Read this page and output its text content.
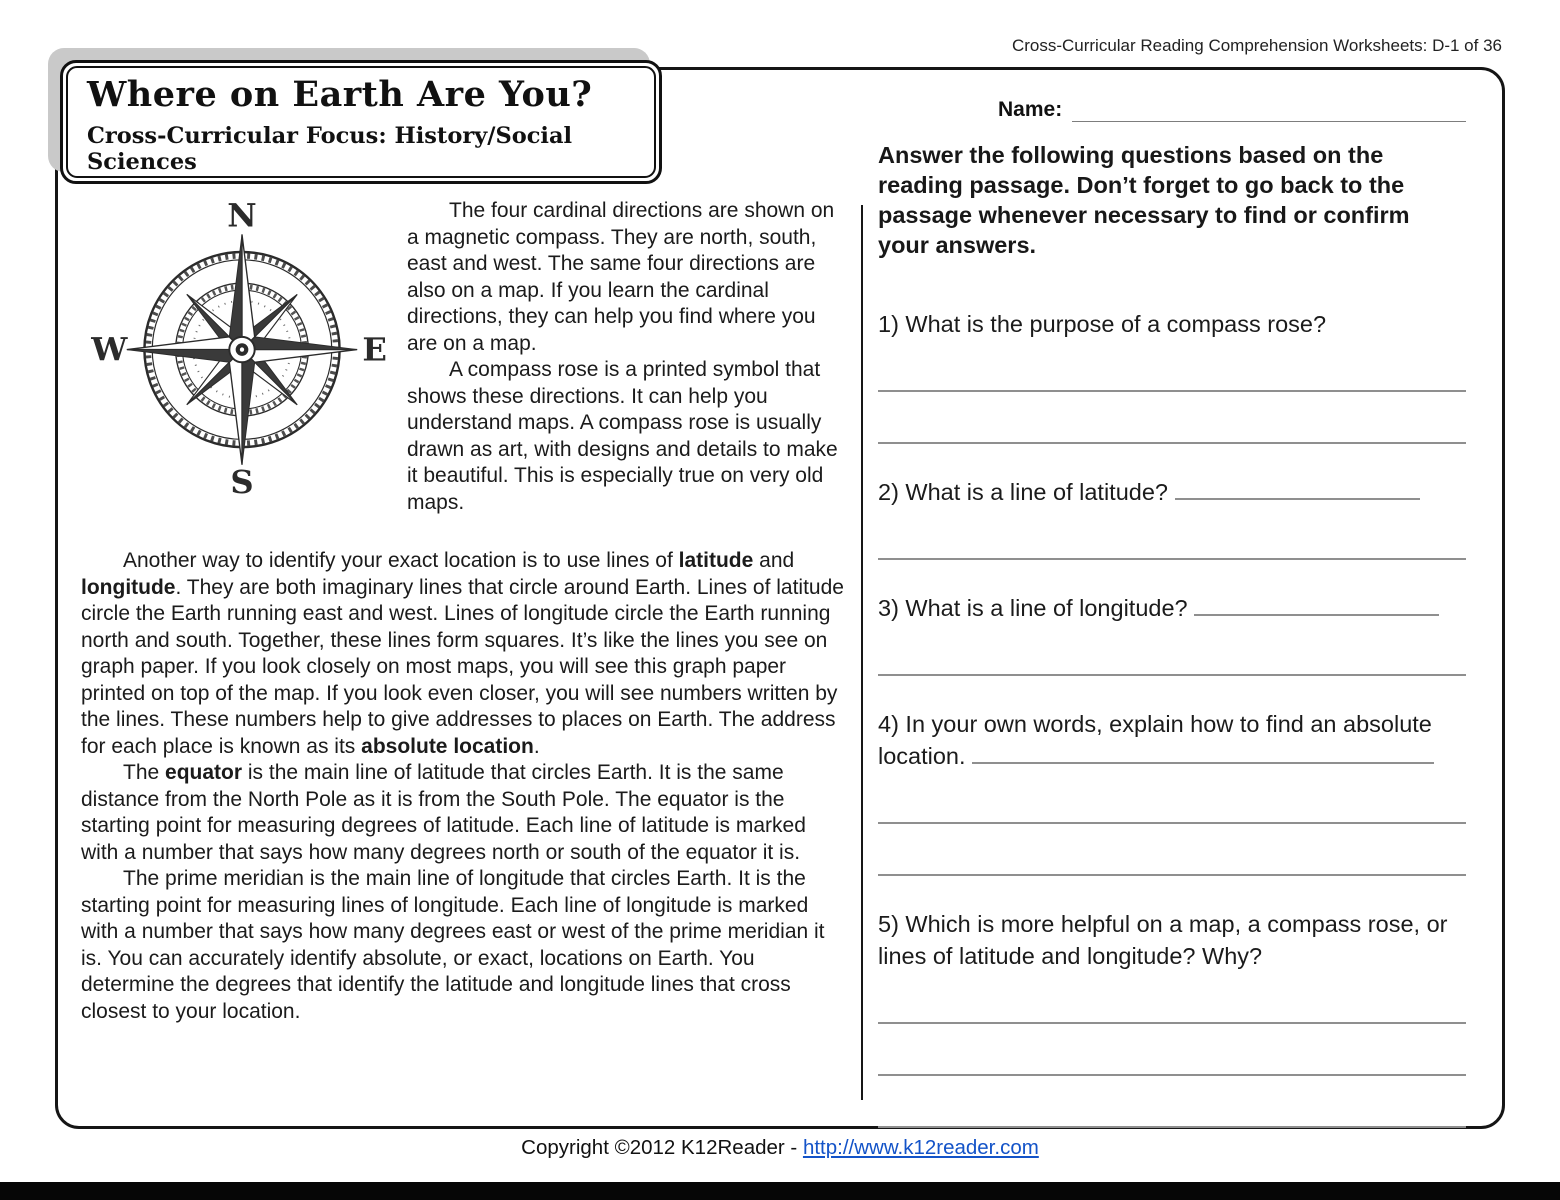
Cross-Curricular Reading Comprehension Worksheets: D-1 of 36
N
E
S
W

The four cardinal directions are shown on a magnetic compass. They are north, south, east and west. The same four directions are also on a map. If you learn the cardinal directions, they can help you find where you are on a map.

A compass rose is a printed symbol that shows these directions. It can help you understand maps. A compass rose is usually drawn as art, with designs and details to make it beautiful. This is especially true on very old maps.

Another way to identify your exact location is to use lines of latitude and longitude. They are both imaginary lines that circle around Earth. Lines of latitude circle the Earth running east and west. Lines of longitude circle the Earth running north and south. Together, these lines form squares. It’s like the lines you see on graph paper. If you look closely on most maps, you will see this graph paper printed on top of the map. If you look even closer, you will see numbers written by the lines. These numbers help to give addresses to places on Earth. The address for each place is known as its absolute location.

The equator is the main line of latitude that circles Earth. It is the same distance from the North Pole as it is from the South Pole. The equator is the starting point for measuring degrees of latitude. Each line of latitude is marked with a number that says how many degrees north or south of the equator it is.

The prime meridian is the main line of longitude that circles Earth. It is the starting point for measuring lines of longitude. Each line of longitude is marked with a number that says how many degrees east or west of the prime meridian it is. You can accurately identify absolute, or exact, locations on Earth. You determine the degrees that identify the latitude and longitude lines that cross closest to your location.

Name:
Answer the following questions based on the reading passage. Don’t forget to go back to the passage whenever necessary to find or confirm your answers.
1) What is the purpose of a compass rose?
2) What is a line of latitude?
3) What is a line of longitude?
4) In your own words, explain how to find an absolute location.
5) Which is more helpful on a map, a compass rose, or lines of latitude and longitude? Why?
Where on Earth Are You?
Cross-Curricular Focus: History/Social Sciences
Copyright ©2012 K12Reader - http://www.k12reader.com
